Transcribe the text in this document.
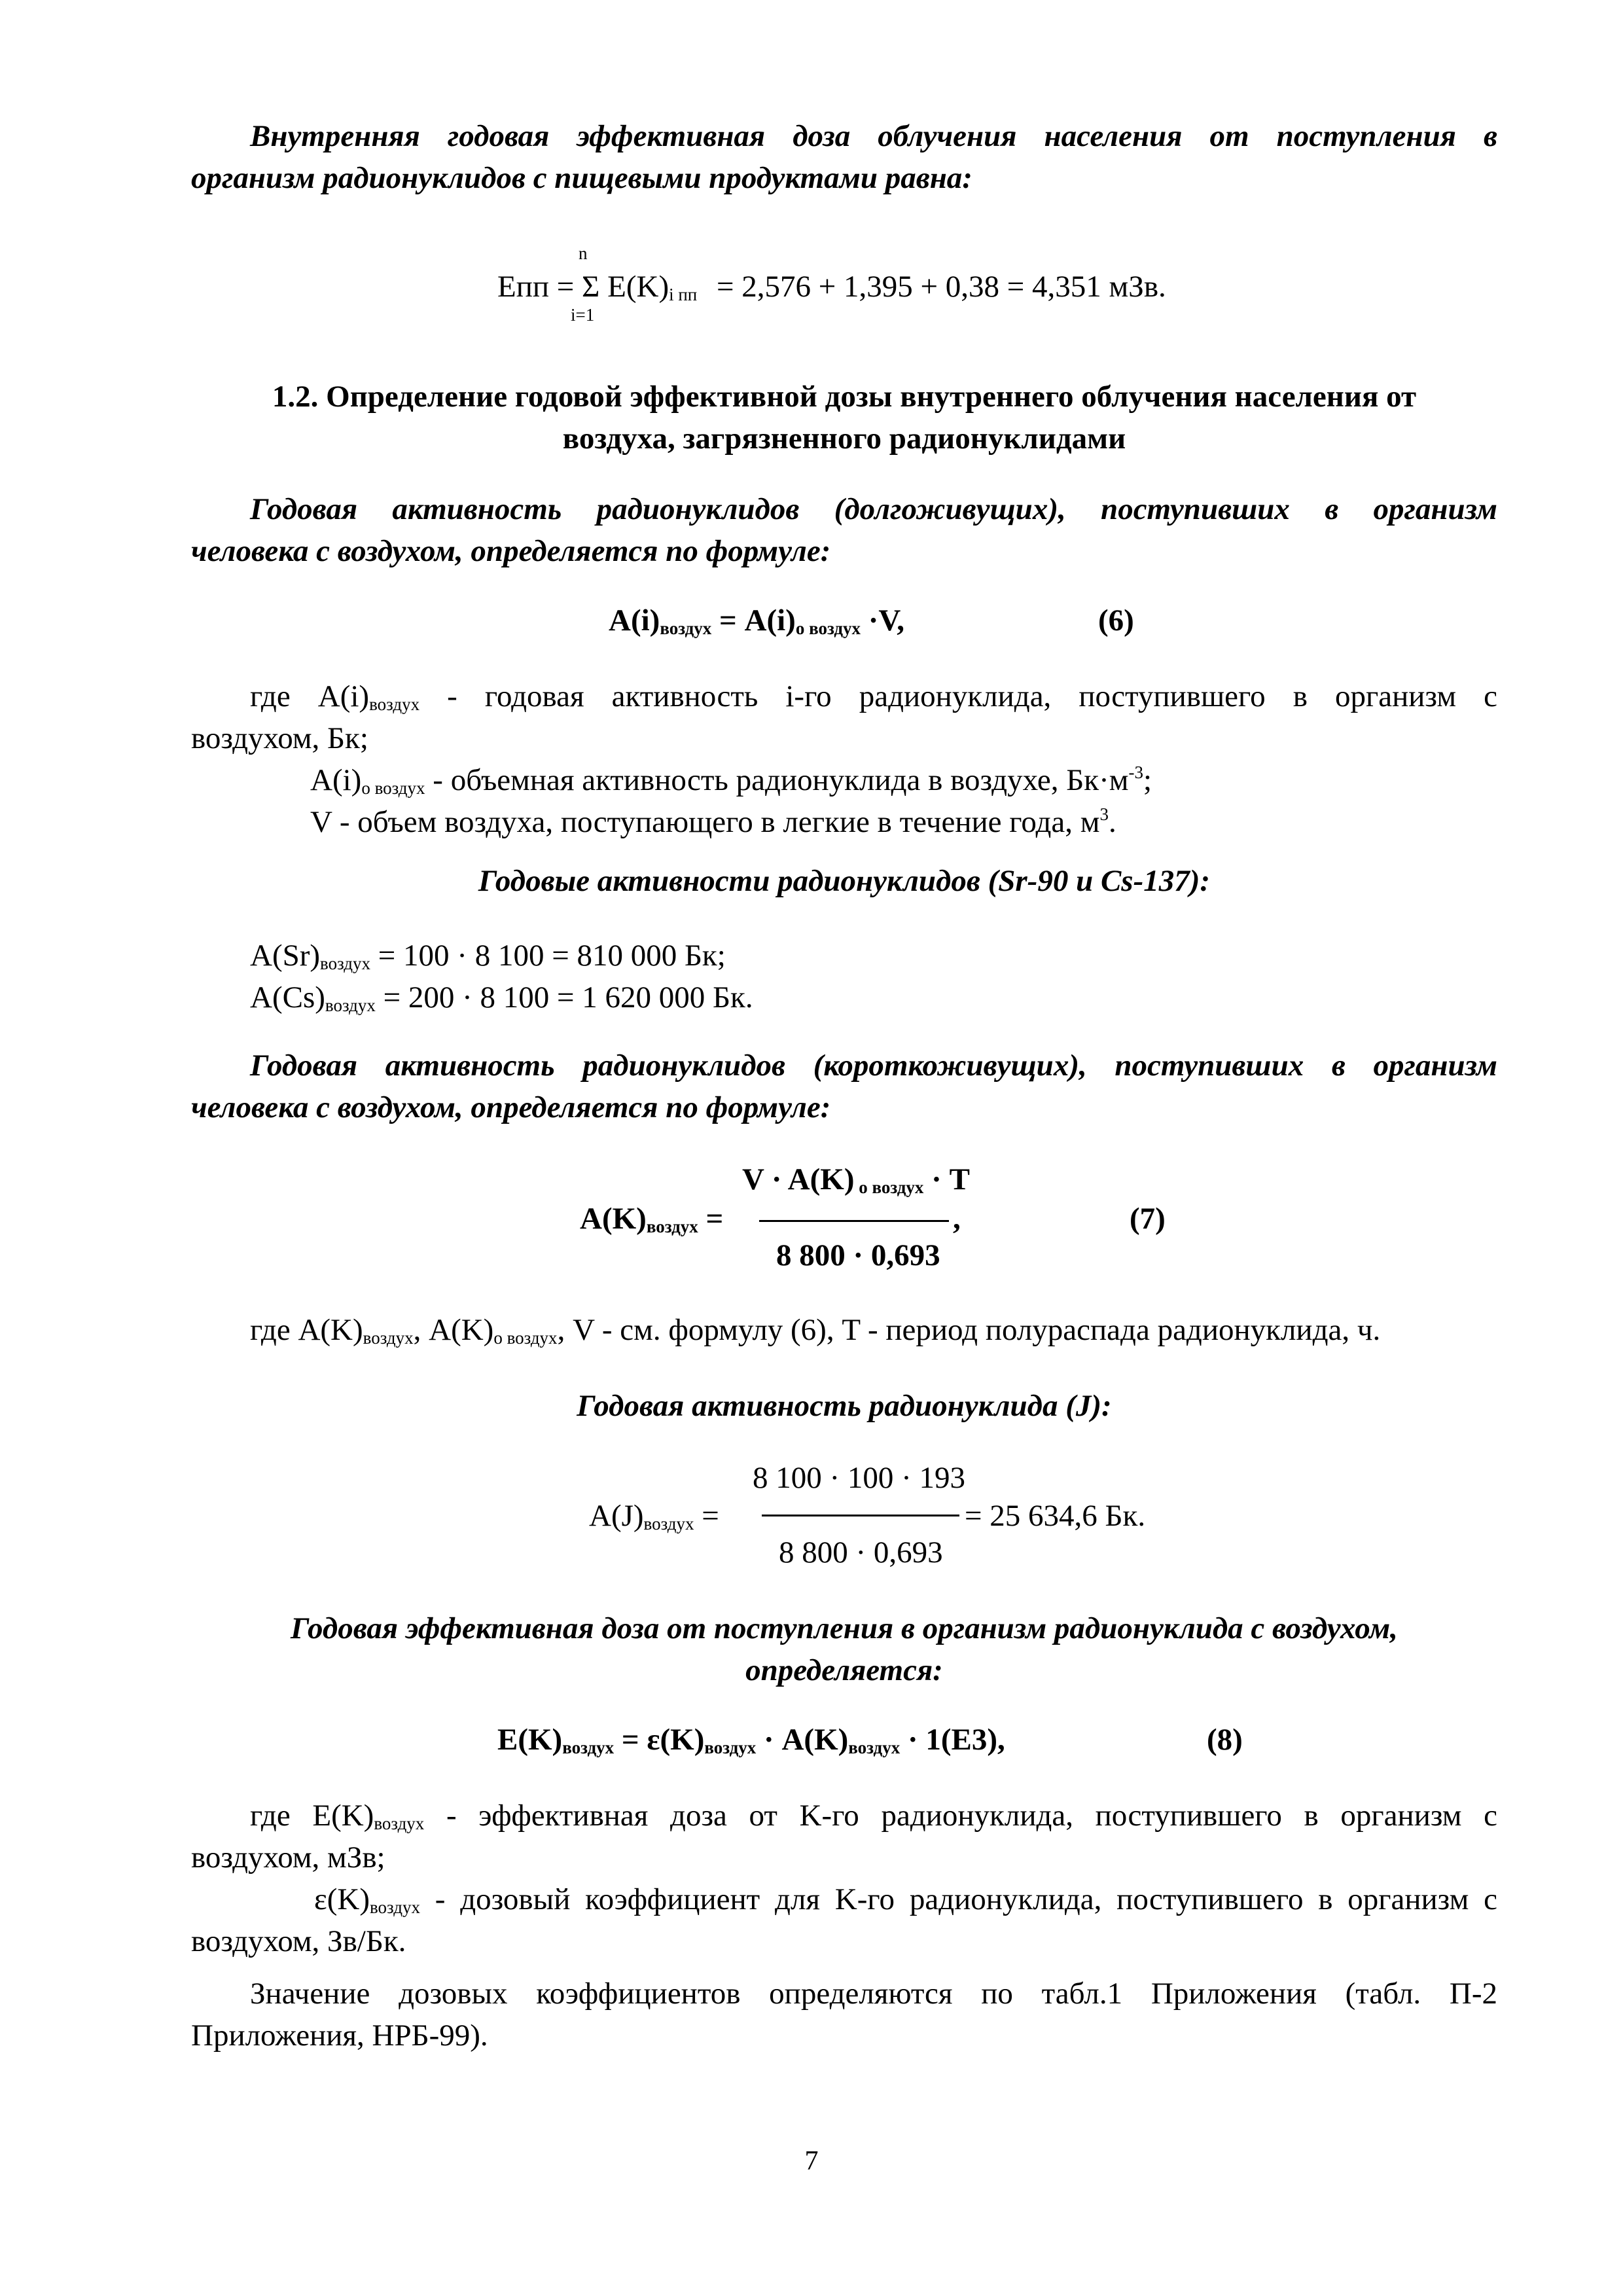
Внутренняя годовая эффективная доза облучения населения от поступления в
организм радионуклидов с пищевыми продуктами равна:
n
Eпп = Σ $E(K)_{i пп} = 2,576 + 1,395 + 0,38 = 4,351$ мЗв.
i=1
1.2. Определение годовой эффективной дозы внутреннего облучения населения от
воздуха, загрязненного радионуклидами
Годовая активность радионуклидов (долгоживущих), поступивших в организм
человека с воздухом, определяется по формуле:
$A(i)_{воздух} = A(i)_{o воздух} \cdot V$,	(6)
где $A(i)_{воздух}$ - годовая активность i-го радионуклида, поступившего в организм с
воздухом, Бк;
$A(i)_{о воздух}$ - объемная активность радионуклида в воздухе, $Бк\cdot м^{-3}$;
V - объем воздуха, поступающего в легкие в течение года, $м^3$.
Годовые активности радионуклидов (Sr-90 и Cs-137):
$A(Sr)_{воздух} = 100 \cdot 8$ 100 = 810 000 Бк;
$A(Cs)_{воздух} = 200 \cdot 8$ 100 = 1 620 000 Бк.
Годовая активность радионуклидов (короткоживущих), поступивших в организм
человека с воздухом, определяется по формуле:
$A(K)_{воздух}$ =
V · A(K) $_{о воздух}$ · T
,
8 800 · 0,693
(7)
где $A(K)_{воздух}$, $A(K)_{о воздух}$, V - см. формулу (6), T - период полураспада радионуклида, ч.
Годовая активность радионуклида (J):
$A(J)_{воздух}$ =
8 100 · 100 · 193
= 25 634,6 Бк.
8 800 · 0,693
Годовая эффективная доза от поступления в организм радионуклида с воздухом,
определяется:
$E(K)_{воздух} = \varepsilon(K)_{воздух} \cdot A(K)_{воздух} \cdot 1(E3)$,	(8)
где $E(K)_{воздух}$ - эффективная доза от K-го радионуклида, поступившего в организм с
воздухом, мЗв;
$\varepsilon(K)_{воздух}$ - дозовый коэффициент для K-го радионуклида, поступившего в организм с
воздухом, Зв/Бк.
Значение дозовых коэффициентов определяются по табл.1 Приложения (табл. П-2
Приложения, НРБ-99).
7
